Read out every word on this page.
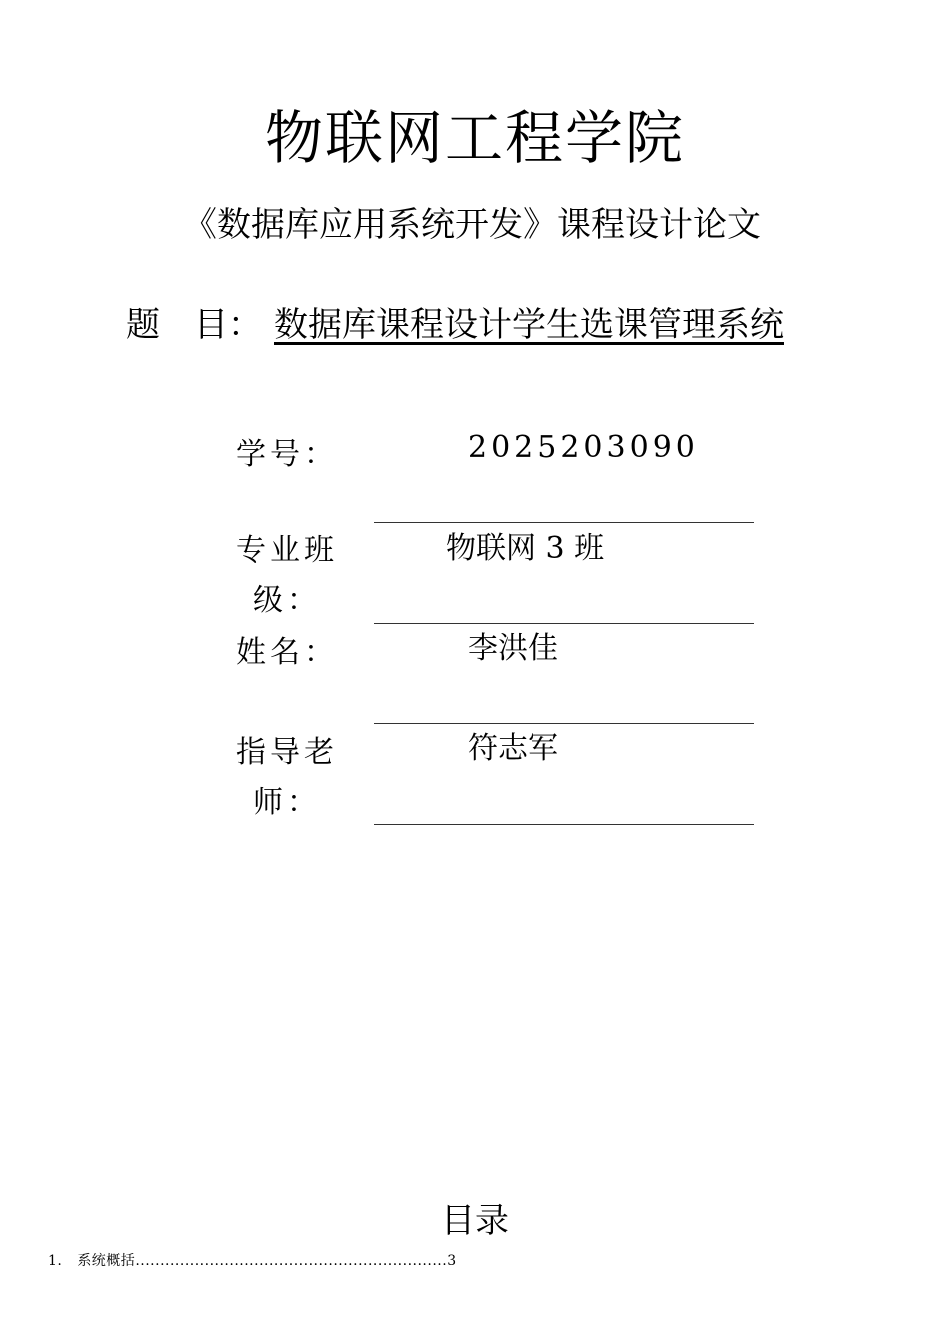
物联网工程学院
《数据库应用系统开发》课程设计论文
题　目： 数据库课程设计学生选课管理系统
学号：	2025203090
专业班级：
物联网 3 班
姓名：	李洪佳
指导老师：
符志军
目录
1. 系统概括...............................................................3
